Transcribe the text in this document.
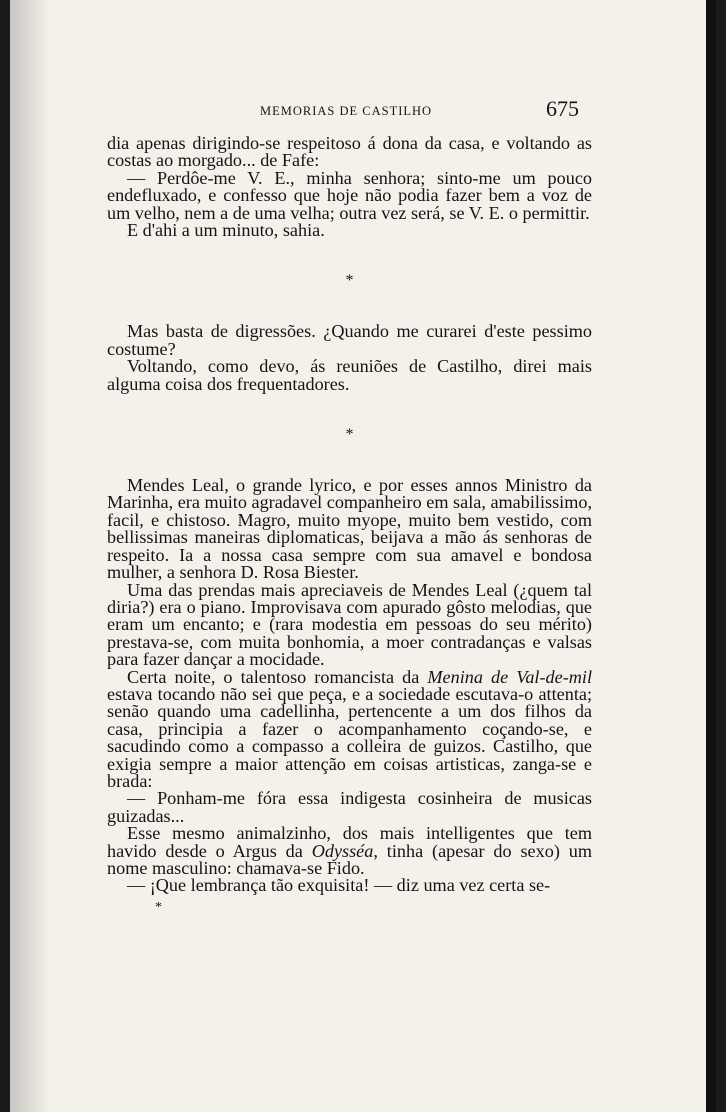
MEMORIAS DE CASTILHO	675

dia apenas dirigindo-se respeitoso á dona da casa, e voltando as costas ao morgado... de Fafe:

— Perdôe-me V. E., minha senhora; sinto-me um pouco endefluxado, e confesso que hoje não podia fazer bem a voz de um velho, nem a de uma velha; outra vez será, se V. E. o permittir.

E d'ahi a um minuto, sahia.

*

Mas basta de digressões. ¿Quando me curarei d'este pessimo costume?

Voltando, como devo, ás reuniões de Castilho, direi mais alguma coisa dos frequentadores.

*

Mendes Leal, o grande lyrico, e por esses annos Ministro da Marinha, era muito agradavel companheiro em sala, amabilissimo, facil, e chistoso. Magro, muito myope, muito bem vestido, com bellissimas maneiras diplomaticas, beijava a mão ás senhoras de respeito. Ia a nossa casa sempre com sua amavel e bondosa mulher, a senhora D. Rosa Biester.

Uma das prendas mais apreciaveis de Mendes Leal (¿quem tal diria?) era o piano. Improvisava com apurado gôsto melodias, que eram um encanto; e (rara modestia em pessoas do seu mérito) prestava-se, com muita bonhomia, a moer contradanças e valsas para fazer dançar a mocidade.

Certa noite, o talentoso romancista da Menina de Val-de-mil estava tocando não sei que peça, e a sociedade escutava-o attenta; senão quando uma cadellinha, pertencente a um dos filhos da casa, principia a fazer o acompanhamento coçando-se, e sacudindo como a compasso a colleira de guizos. Castilho, que exigia sempre a maior attenção em coisas artisticas, zanga-se e brada:

— Ponham-me fóra essa indigesta cosinheira de musicas guizadas...

Esse mesmo animalzinho, dos mais intelligentes que tem havido desde o Argus da Odysséa, tinha (apesar do sexo) um nome masculino: chamava-se Fido.

— ¡Que lembrança tão exquisita! — diz uma vez certa se-

*
